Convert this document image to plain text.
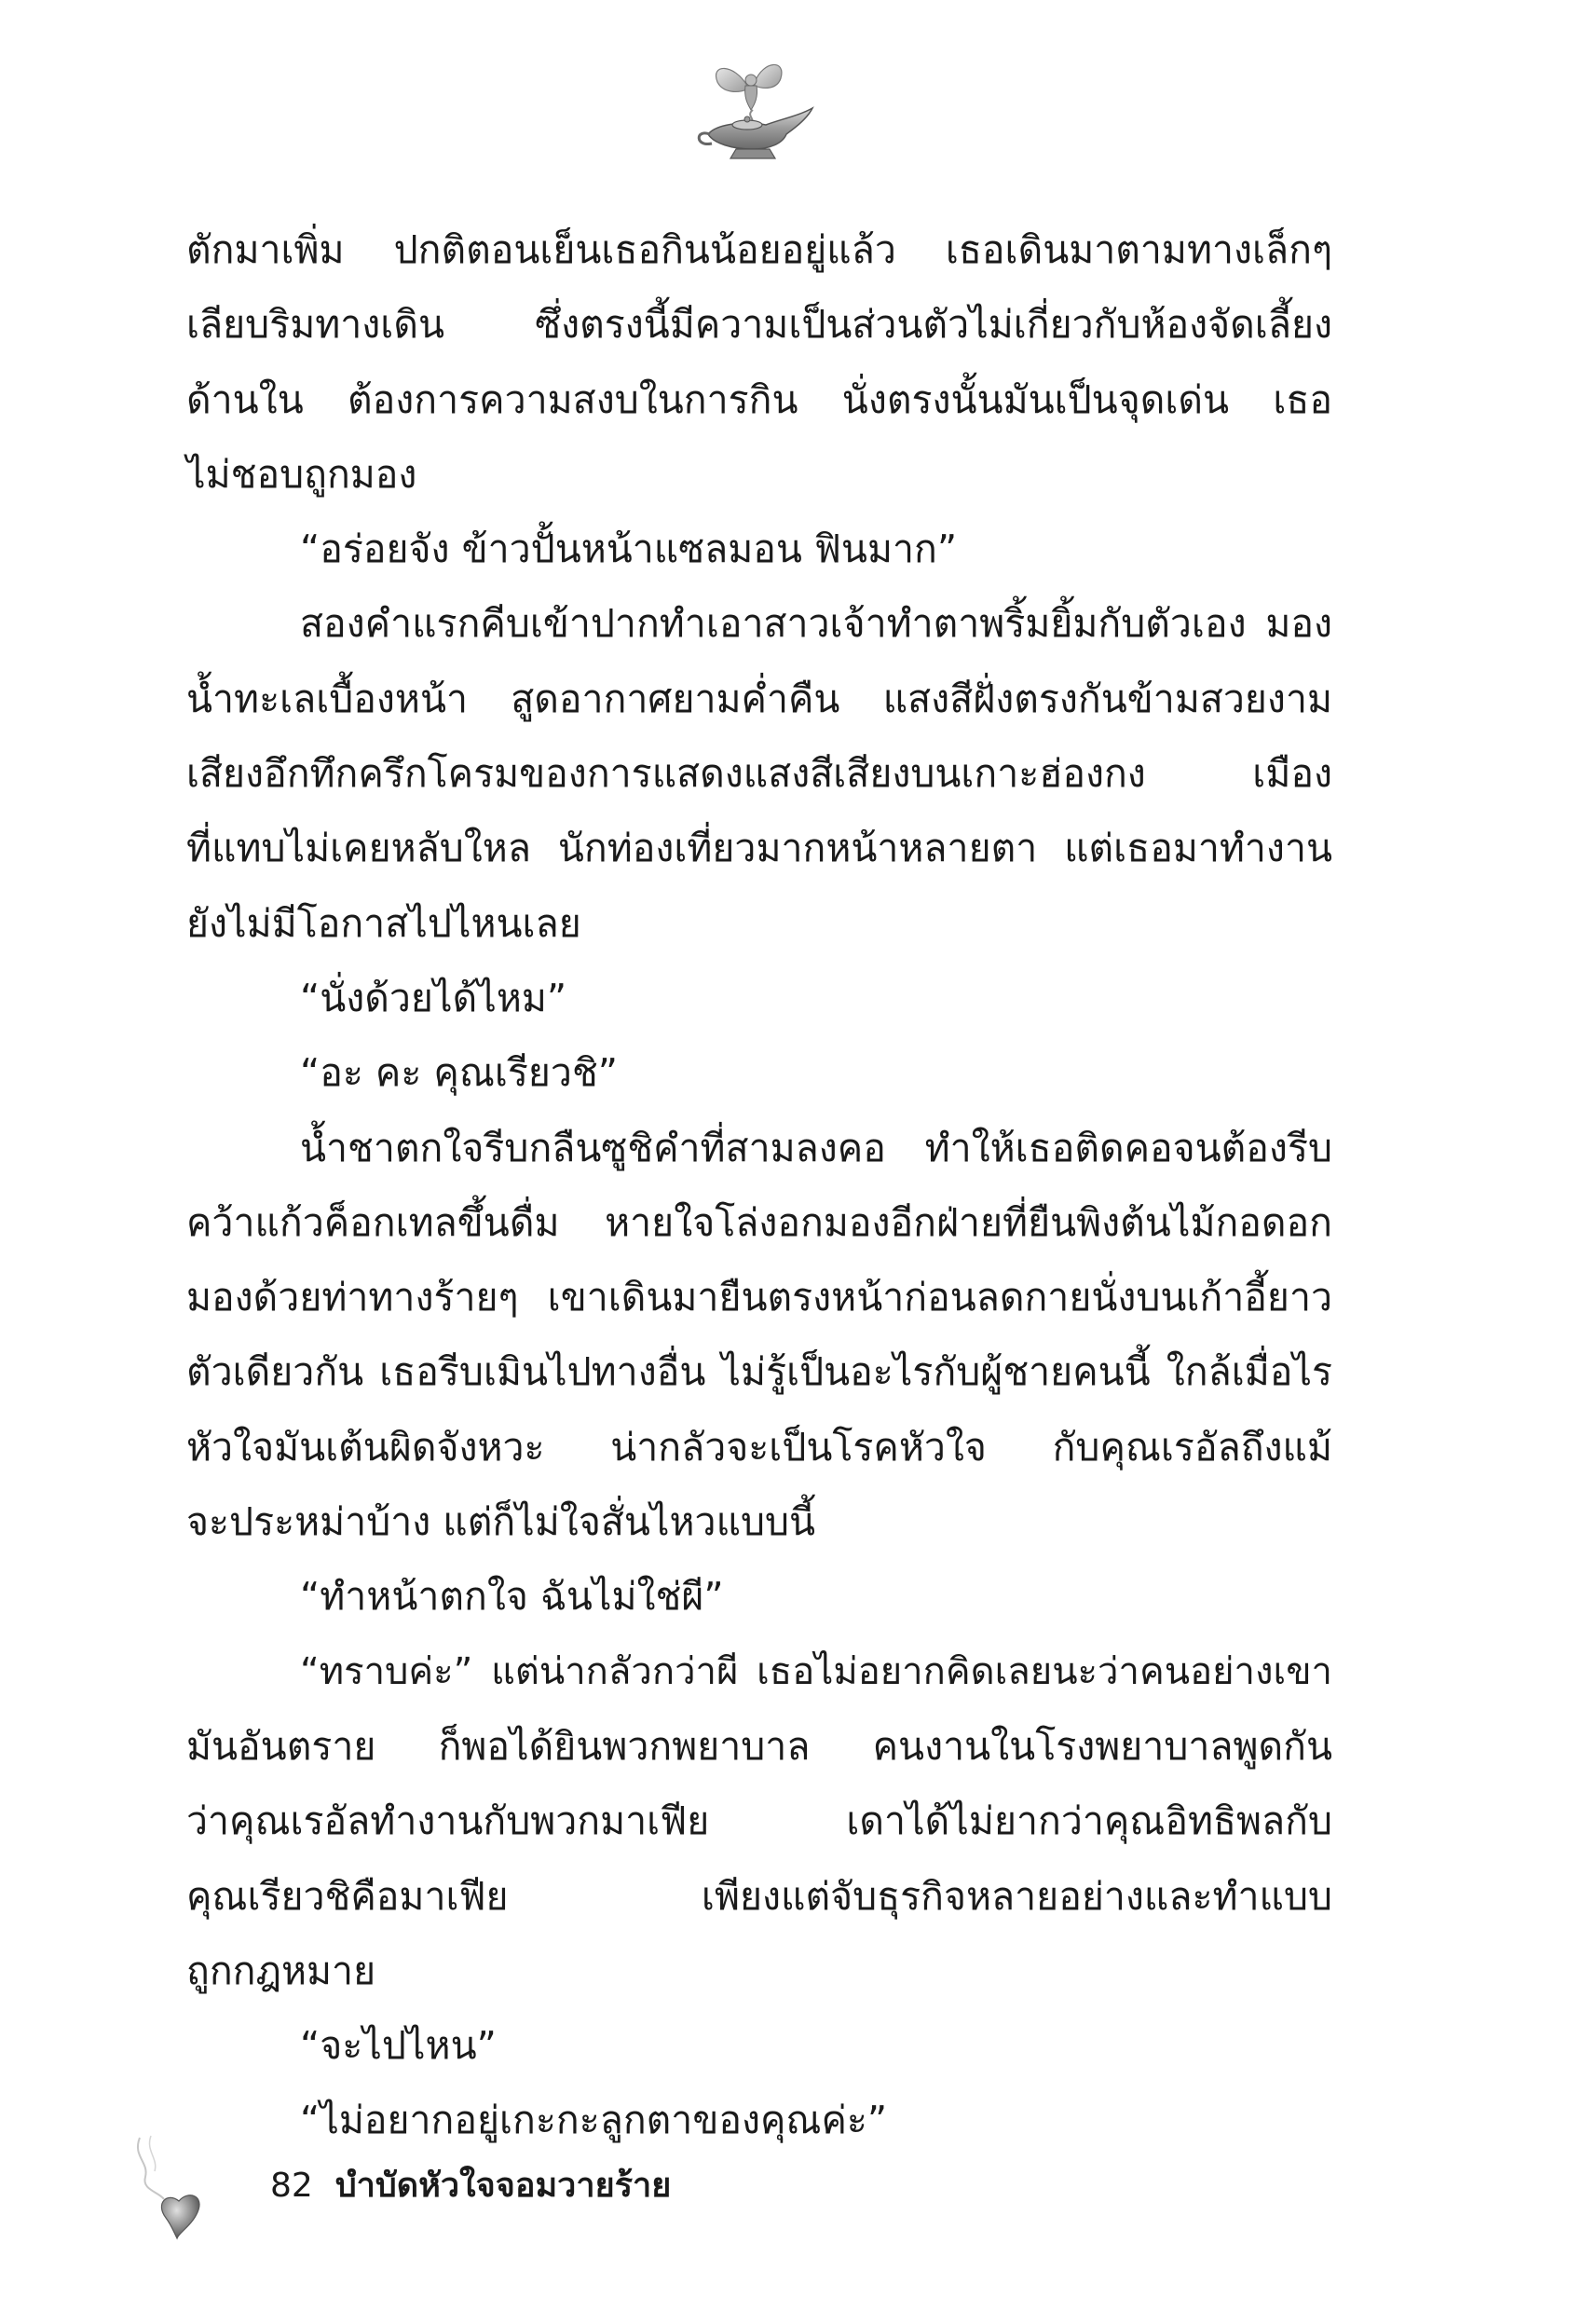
ตักมาเพิ่ม ปกติตอนเย็นเธอกินน้อยอยู่แล้ว เธอเดินมาตามทางเล็กๆ
เลียบริมทางเดิน ซึ่งตรงนี้มีความเป็นส่วนตัวไม่เกี่ยวกับห้องจัดเลี้ยง
ด้านใน ต้องการความสงบในการกิน นั่งตรงนั้นมันเป็นจุดเด่น เธอ
ไม่ชอบถูกมอง
“อร่อยจัง ข้าวปั้นหน้าแซลมอน ฟินมาก”
สองคำแรกคีบเข้าปากทำเอาสาวเจ้าทำตาพริ้มยิ้มกับตัวเอง มอง
น้ำทะเลเบื้องหน้า สูดอากาศยามค่ำคืน แสงสีฝั่งตรงกันข้ามสวยงาม
เสียงอึกทึกครึกโครมของการแสดงแสงสีเสียงบนเกาะฮ่องกง เมือง
ที่แทบไม่เคยหลับใหล นักท่องเที่ยวมากหน้าหลายตา แต่เธอมาทำงาน
ยังไม่มีโอกาสไปไหนเลย
“นั่งด้วยได้ไหม”
“อะ คะ คุณเรียวชิ”
น้ำชาตกใจรีบกลืนซูชิคำที่สามลงคอ ทำให้เธอติดคอจนต้องรีบ
คว้าแก้วค็อกเทลขึ้นดื่ม หายใจโล่งอกมองอีกฝ่ายที่ยืนพิงต้นไม้กอดอก
มองด้วยท่าทางร้ายๆ เขาเดินมายืนตรงหน้าก่อนลดกายนั่งบนเก้าอี้ยาว
ตัวเดียวกัน เธอรีบเมินไปทางอื่น ไม่รู้เป็นอะไรกับผู้ชายคนนี้ ใกล้เมื่อไร
หัวใจมันเต้นผิดจังหวะ น่ากลัวจะเป็นโรคหัวใจ กับคุณเรอัลถึงแม้
จะประหม่าบ้าง แต่ก็ไม่ใจสั่นไหวแบบนี้
“ทำหน้าตกใจ ฉันไม่ใช่ผี”
“ทราบค่ะ” แต่น่ากลัวกว่าผี เธอไม่อยากคิดเลยนะว่าคนอย่างเขา
มันอันตราย ก็พอได้ยินพวกพยาบาล คนงานในโรงพยาบาลพูดกัน
ว่าคุณเรอัลทำงานกับพวกมาเฟีย เดาได้ไม่ยากว่าคุณอิทธิพลกับ
คุณเรียวชิคือมาเฟีย เพียงแต่จับธุรกิจหลายอย่างและทำแบบ
ถูกกฎหมาย
“จะไปไหน”
“ไม่อยากอยู่เกะกะลูกตาของคุณค่ะ”
82 บำบัดหัวใจจอมวายร้าย
